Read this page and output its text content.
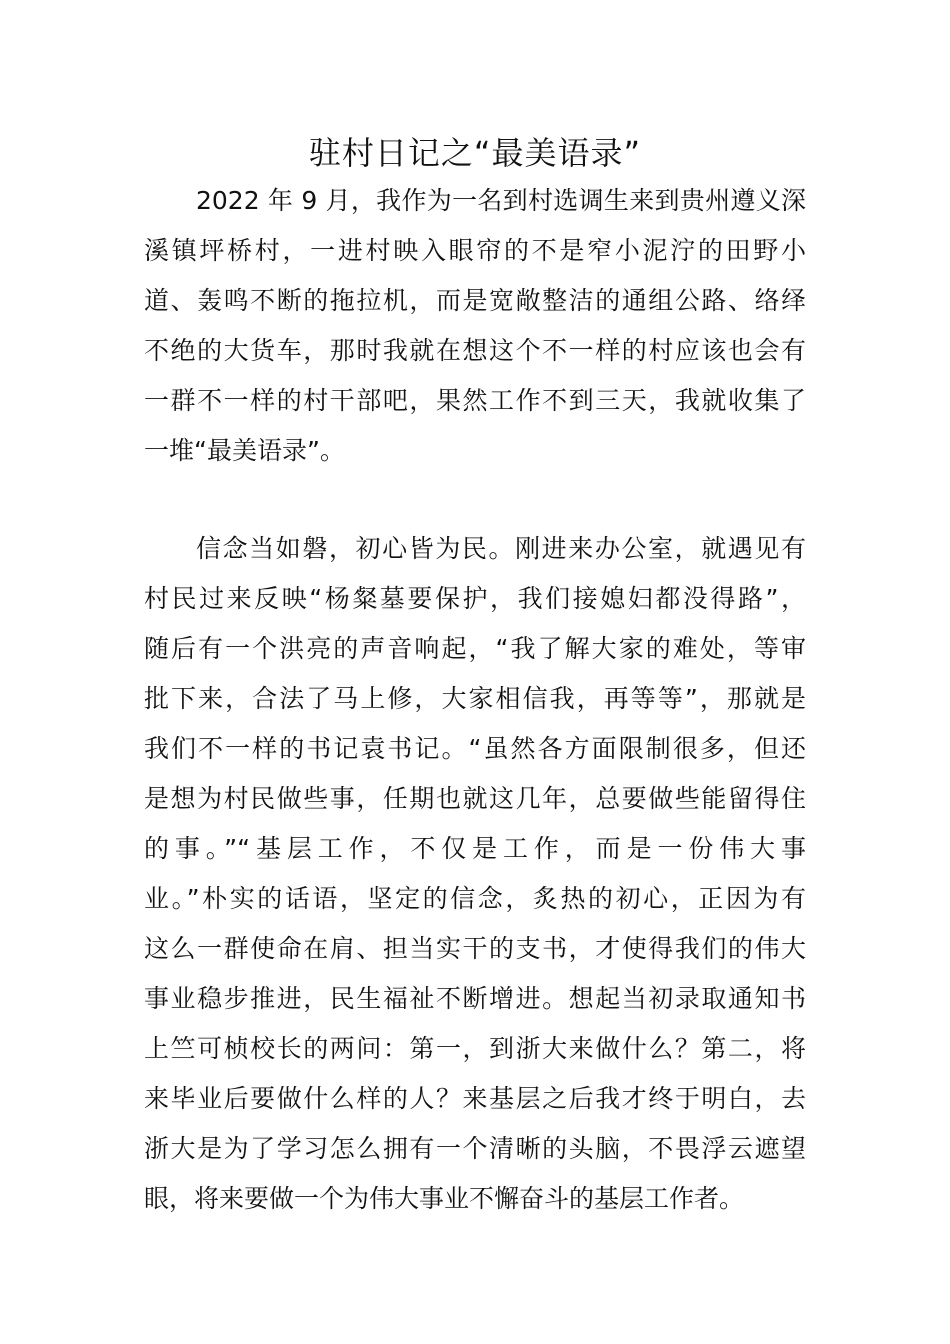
驻村日记之“最美语录”
2022 年 9 月，我作为一名到村选调生来到贵州遵义深
溪镇坪桥村，一进村映入眼帘的不是窄小泥泞的田野小
道、轰鸣不断的拖拉机，而是宽敞整洁的通组公路、络绎
不绝的大货车，那时我就在想这个不一样的村应该也会有
一群不一样的村干部吧，果然工作不到三天，我就收集了
一堆“最美语录”。
信念当如磐，初心皆为民。刚进来办公室，就遇见有
村民过来反映“杨粲墓要保护，我们接媳妇都没得路”，
随后有一个洪亮的声音响起，“我了解大家的难处，等审
批下来，合法了马上修，大家相信我，再等等”，那就是
我们不一样的书记袁书记。“虽然各方面限制很多，但还
是想为村民做些事，任期也就这几年，总要做些能留得住
的事。”“基层工作，不仅是工作，而是一份伟大事
业。”朴实的话语，坚定的信念，炙热的初心，正因为有
这么一群使命在肩、担当实干的支书，才使得我们的伟大
事业稳步推进，民生福祉不断增进。想起当初录取通知书
上竺可桢校长的两问：第一，到浙大来做什么？第二，将
来毕业后要做什么样的人？来基层之后我才终于明白，去
浙大是为了学习怎么拥有一个清晰的头脑，不畏浮云遮望
眼，将来要做一个为伟大事业不懈奋斗的基层工作者。
